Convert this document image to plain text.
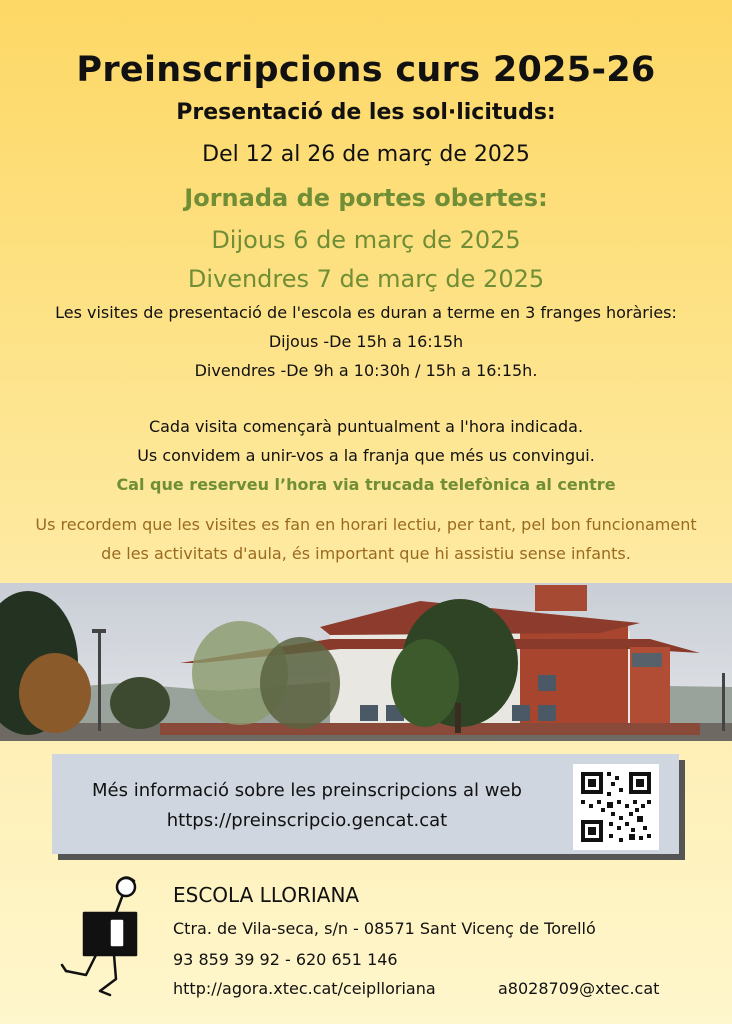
Preinscripcions curs 2025-26
Presentació de les sol·licituds:
Del 12 al 26 de març de 2025
Jornada de portes obertes:
Dijous 6 de març de 2025
Divendres 7 de març de 2025
Les visites de presentació de l'escola es duran a terme en 3 franges horàries:
Dijous -De 15h a 16:15h
Divendres -De 9h a 10:30h / 15h a 16:15h.
Cada visita començarà puntualment a l'hora indicada.
Us convidem a unir-vos a la franja que més us convingui.
Cal que reserveu l’hora via trucada telefònica al centre
Us recordem que les visites es fan en horari lectiu, per tant, pel bon funcionament
de les activitats d'aula, és important que hi assistiu sense infants.
Més informació sobre les preinscripcions al web
https://preinscripcio.gencat.cat
ESCOLA LLORIANA
Ctra. de Vila-seca, s/n - 08571 Sant Vicenç de Torelló
93 859 39 92 - 620 651 146
http://agora.xtec.cat/ceiplloriana	a8028709@xtec.cat
